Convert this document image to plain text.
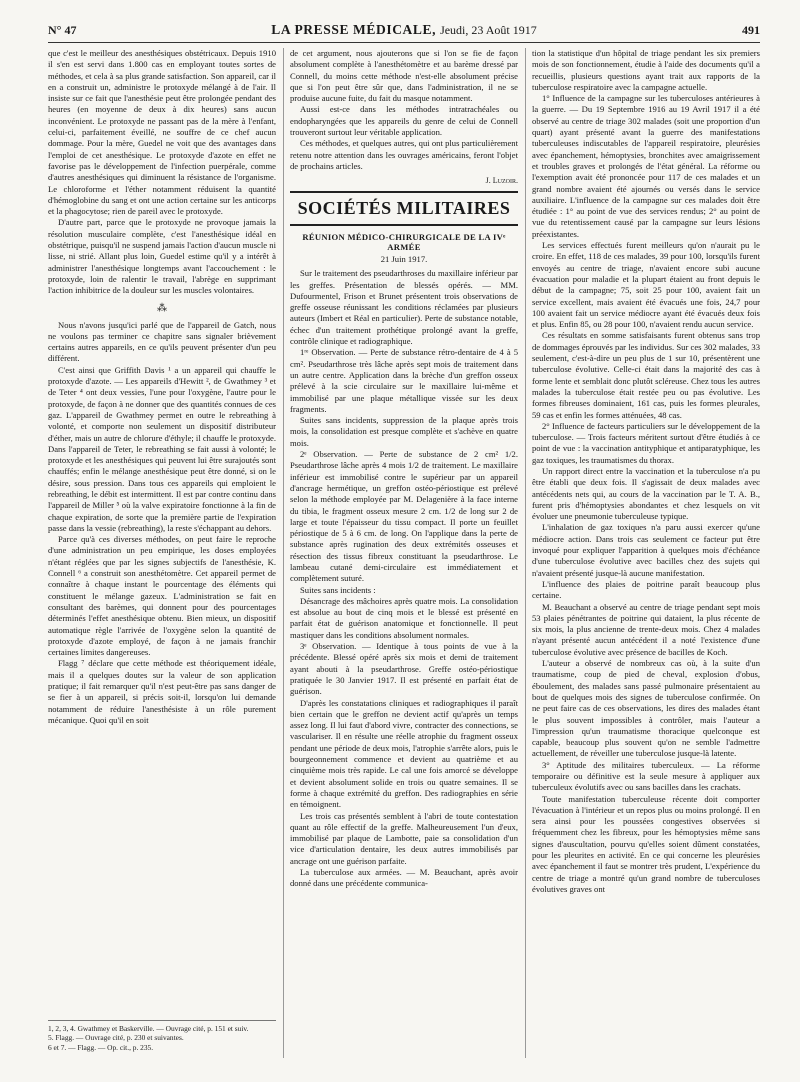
N° 47	LA PRESSE MÉDICALE, Jeudi, 23 Août 1917	491

que c'est le meilleur des anesthésiques obstétricaux. Depuis 1910 il s'en est servi dans 1.800 cas en employant toutes sortes de méthodes, et cela à sa plus grande satisfaction. Son appareil, car il en a construit un, administre le protoxyde mélangé à de l'air. Il insiste sur ce fait que l'anesthésie peut être prolongée pendant des heures (en moyenne de deux à dix heures) sans aucun inconvénient. Le protoxyde ne passant pas de la mère à l'enfant, celui-ci, parfaitement éveillé, ne souffre de ce chef aucun dommage. Pour la mère, Guedel ne voit que des avantages dans l'emploi de cet anesthésique. Le protoxyde d'azote en effet ne favorise pas le développement de l'infection puerpérale, comme d'autres anesthésiques qui diminuent la résistance de l'organisme. Le chloroforme et l'éther notamment réduisent la quantité d'hémoglobine du sang et ont une action certaine sur les anticorps et la phagocytose; rien de pareil avec le protoxyde.

D'autre part, parce que le protoxyde ne provoque jamais la résolution musculaire complète, c'est l'anesthésique idéal en obstétrique, puisqu'il ne suspend jamais l'action d'aucun muscle ni lisse, ni strié. Allant plus loin, Guedel estime qu'il y a intérêt à administrer l'anesthésique longtemps avant l'accouchement : le protoxyde, loin de ralentir le travail, l'abrège en supprimant l'action inhibitrice de la douleur sur les muscles volontaires.

⁂

Nous n'avons jusqu'ici parlé que de l'appareil de Gatch, nous ne voulons pas terminer ce chapitre sans signaler brièvement certains autres appareils, en ce qu'ils peuvent présenter d'un peu différent.

C'est ainsi que Griffith Davis ¹ a un appareil qui chauffe le protoxyde d'azote. — Les appareils d'Hewitt ², de Gwathmey ³ et de Teter ⁴ ont deux vessies, l'une pour l'oxygène, l'autre pour le protoxyde, de façon à ne donner que des quantités connues de ces gaz. L'appareil de Gwathmey permet en outre le rebreathing à volonté, et comporte non seulement un dispositif distributeur d'éther, mais un autre de chlorure d'éthyle; il chauffe le protoxyde. Dans l'appareil de Teter, le rebreathing se fait aussi à volonté; le protoxyde et les anesthésiques qui peuvent lui être surajoutés sont chauffés; enfin le mélange anesthésique peut être donné, si on le désire, sous pression. Dans tous ces appareils qui emploient le rebreathing, le débit est intermittent. Il est par contre continu dans l'appareil de Miller ⁵ où la valve expiratoire fonctionne à la fin de chaque expiration, de sorte que la première partie de l'expiration passe dans la vessie (rebreathing), la reste s'échappant au dehors.

Parce qu'à ces diverses méthodes, on peut faire le reproche d'une administration un peu empirique, les doses employées n'étant réglées que par les signes subjectifs de l'anesthésie, K. Connell ⁶ a construit son anesthétomètre. Cet appareil permet de connaître à chaque instant le pourcentage des éléments qui constituent le mélange gazeux. L'administration se fait en consultant des barèmes, qui donnent pour des pourcentages déterminés l'effet anesthésique obtenu. Bien mieux, un dispositif automatique règle l'arrivée de l'oxygène selon la quantité de protoxyde d'azote employé, de façon à ne jamais franchir certaines limites dangereuses.

Flagg ⁷ déclare que cette méthode est théoriquement idéale, mais il a quelques doutes sur la valeur de son application pratique; il fait remarquer qu'il n'est peut-être pas sans danger de se fier à un appareil, si précis soit-il, lorsqu'on lui demande notamment de réduire l'anesthésiste à un rôle purement mécanique. Quoi qu'il en soit

1, 2, 3, 4. Gwathmey et Baskerville. — Ouvrage cité, p. 151 et suiv.

5. Flagg. — Ouvrage cité, p. 230 et suivantes.

6 et 7. — Flagg. — Op. cit., p. 235.

de cet argument, nous ajouterons que si l'on se fie de façon absolument complète à l'anesthétomètre et au barème dressé par Connell, du moins cette méthode n'est-elle absolument précise que si l'on peut être sûr que, dans l'administration, il ne se produise aucune fuite, du fait du masque notamment.

Aussi est-ce dans les méthodes intratrachéales ou endopharyngées que les appareils du genre de celui de Connell trouveront surtout leur véritable application.

Ces méthodes, et quelques autres, qui ont plus particulièrement retenu notre attention dans les ouvrages américains, feront l'objet de prochains articles.

J. Luzoir.
SOCIÉTÉS MILITAIRES
RÉUNION MÉDICO-CHIRURGICALE DE LA IVᵉ ARMÉE
21 Juin 1917.

Sur le traitement des pseudarthroses du maxillaire inférieur par les greffes. Présentation de blessés opérés. — MM. Dufourmentel, Frison et Brunet présentent trois observations de greffe osseuse réunissant les conditions réclamées par plusieurs auteurs (Imbert et Réal en particulier). Perte de substance notable, échec d'un traitement prothétique prolongé avant la greffe, contrôle clinique et radiographique.

1ʳᵉ Observation. — Perte de substance rétro-dentaire de 4 à 5 cm². Pseudarthrose très lâche après sept mois de traitement dans un autre centre. Application dans la brèche d'un greffon osseux prélevé à la scie circulaire sur le maxillaire lui-même et immobilisé par une plaque métallique vissée sur les deux fragments.

Suites sans incidents, suppression de la plaque après trois mois, la consolidation est presque complète et s'achève en quatre mois.

2ᵉ Observation. — Perte de substance de 2 cm² 1/2. Pseudarthrose lâche après 4 mois 1/2 de traitement. Le maxillaire inférieur est immobilisé contre le supérieur par un appareil d'ancrage hermétique, un greffon ostéo-périostique est prélevé selon la méthode employée par M. Delagenière à la face interne du tibia, le fragment osseux mesure 2 cm. 1/2 de long sur 2 de large et toute l'épaisseur du tissu compact. Il porte un feuillet périostique de 5 à 6 cm. de long. On l'applique dans la perte de substance après rugination des deux extrémités osseuses et résection des tissus fibreux constituant la pseudarthrose. Le lambeau cutané demi-circulaire est immédiatement et complètement suturé.

Suites sans incidents :

Désancrage des mâchoires après quatre mois. La consolidation est absolue au bout de cinq mois et le blessé est présenté en parfait état de guérison anatomique et fonctionnelle. Il peut mastiquer dans les conditions absolument normales.

3ᵉ Observation. — Identique à tous points de vue à la précédente. Blessé opéré après six mois et demi de traitement ayant abouti à la pseudarthrose. Greffe ostéo-périostique pratiquée le 30 Janvier 1917. Il est présenté en parfait état de guérison.

D'après les constatations cliniques et radiographiques il paraît bien certain que le greffon ne devient actif qu'après un temps assez long. Il lui faut d'abord vivre, contracter des connections, se vasculariser. Il en résulte une réelle atrophie du fragment osseux pendant une période de deux mois, l'atrophie s'arrête alors, puis le bourgeonnement commence et devient au quatrième et au cinquième mois très rapide. Le cal une fois amorcé se développe et devient absolument solide en trois ou quatre semaines. Il se forme à chaque extrémité du greffon. Des radiographies en série en témoignent.

Les trois cas présentés semblent à l'abri de toute contestation quant au rôle effectif de la greffe. Malheureusement l'un d'eux, immobilisé par plaque de Lambotte, paie sa consolidation d'un vice d'articulation dentaire, les deux autres immobilisés par ancrage ont une guérison parfaite.

La tuberculose aux armées. — M. Beauchant, après avoir donné dans une précédente communica-

tion la statistique d'un hôpital de triage pendant les six premiers mois de son fonctionnement, étudie à l'aide des documents qu'il a recueillis, plusieurs questions ayant trait aux rapports de la tuberculose respiratoire avec la campagne actuelle.

1° Influence de la campagne sur les tuberculoses antérieures à la guerre. — Du 19 Septembre 1916 au 19 Avril 1917 il a été observé au centre de triage 302 malades (soit une proportion d'un quart) ayant présenté avant la guerre des manifestations tuberculeuses indiscutables de l'appareil respiratoire, pleurésies avec épanchement, hémoptysies, bronchites avec amaigrissement et troubles graves et prolongés de l'état général. La réforme ou l'exemption avait été prononcée pour 117 de ces malades et un grand nombre avaient été ajournés ou versés dans le service auxiliaire. L'influence de la campagne sur ces malades doit être étudiée : 1° au point de vue des services rendus; 2° au point de vue du retentissement causé par la campagne sur leurs lésions préexistantes.

Les services effectués furent meilleurs qu'on n'aurait pu le croire. En effet, 118 de ces malades, 39 pour 100, lorsqu'ils furent envoyés au centre de triage, n'avaient encore subi aucune évacuation pour maladie et la plupart étaient au front depuis le début de la campagne; 75, soit 25 pour 100, avaient fait un service excellent, mais avaient été évacués une fois, 24,7 pour 100 avaient fait un service médiocre ayant été évacués deux fois et plus. Enfin 85, ou 28 pour 100, n'avaient rendu aucun service.

Ces résultats en somme satisfaisants furent obtenus sans trop de dommages éprouvés par les individus. Sur ces 302 malades, 33 seulement, c'est-à-dire un peu plus de 1 sur 10, présentèrent une tuberculose évolutive. Celle-ci était dans la majorité des cas à forme lente et semblait donc plutôt scléreuse. Chez tous les autres malades la tuberculose était restée peu ou pas évolutive. Les formes fibreuses dominaient, 161 cas, puis les formes pleurales, 59 cas et enfin les formes atténuées, 48 cas.

2° Influence de facteurs particuliers sur le développement de la tuberculose. — Trois facteurs méritent surtout d'être étudiés à ce point de vue : la vaccination antityphique et antiparatyphique, les gaz toxiques, les traumatismes du thorax.

Un rapport direct entre la vaccination et la tuberculose n'a pu être établi que deux fois. Il s'agissait de deux malades avec antécédents nets qui, au cours de la vaccination par le T. A. B., furent pris d'hémoptysies abondantes et chez lesquels on vit évoluer une pneumonie tuberculeuse typique.

L'inhalation de gaz toxiques n'a paru aussi exercer qu'une médiocre action. Dans trois cas seulement ce facteur put être invoqué pour expliquer l'apparition à quelques mois d'échéance d'une tuberculose évolutive avec bacilles chez des sujets qui n'avaient présenté jusque-là aucune manifestation.

L'influence des plaies de poitrine paraît beaucoup plus certaine.

M. Beauchant a observé au centre de triage pendant sept mois 53 plaies pénétrantes de poitrine qui dataient, la plus récente de six mois, la plus ancienne de trente-deux mois. Chez 4 malades n'ayant présenté aucun antécédent il a noté l'existence d'une tuberculose évolutive avec présence de bacilles de Koch.

L'auteur a observé de nombreux cas où, à la suite d'un traumatisme, coup de pied de cheval, explosion d'obus, éboulement, des malades sans passé pulmonaire présentaient au bout de quelques mois des signes de tuberculose confirmée. On ne peut faire cas de ces observations, les dires des malades étant le plus souvent impossibles à contrôler, mais l'auteur a l'impression qu'un traumatisme thoracique quelconque est capable, beaucoup plus souvent qu'on ne semble l'admettre actuellement, de réveiller une tuberculose jusque-là latente.

3° Aptitude des militaires tuberculeux. — La réforme temporaire ou définitive est la seule mesure à appliquer aux tuberculeux évolutifs avec ou sans bacilles dans les crachats.

Toute manifestation tuberculeuse récente doit comporter l'évacuation à l'intérieur et un repos plus ou moins prolongé. Il en sera ainsi pour les poussées congestives observées si fréquemment chez les fibreux, pour les hémoptysies même sans signes d'auscultation, pourvu qu'elles soient dûment constatées, pour les pleurites en activité. En ce qui concerne les pleurésies avec épanchement il faut se montrer très prudent, L'expérience du centre de triage a montré qu'un grand nombre de tuberculoses évolutives graves ont
